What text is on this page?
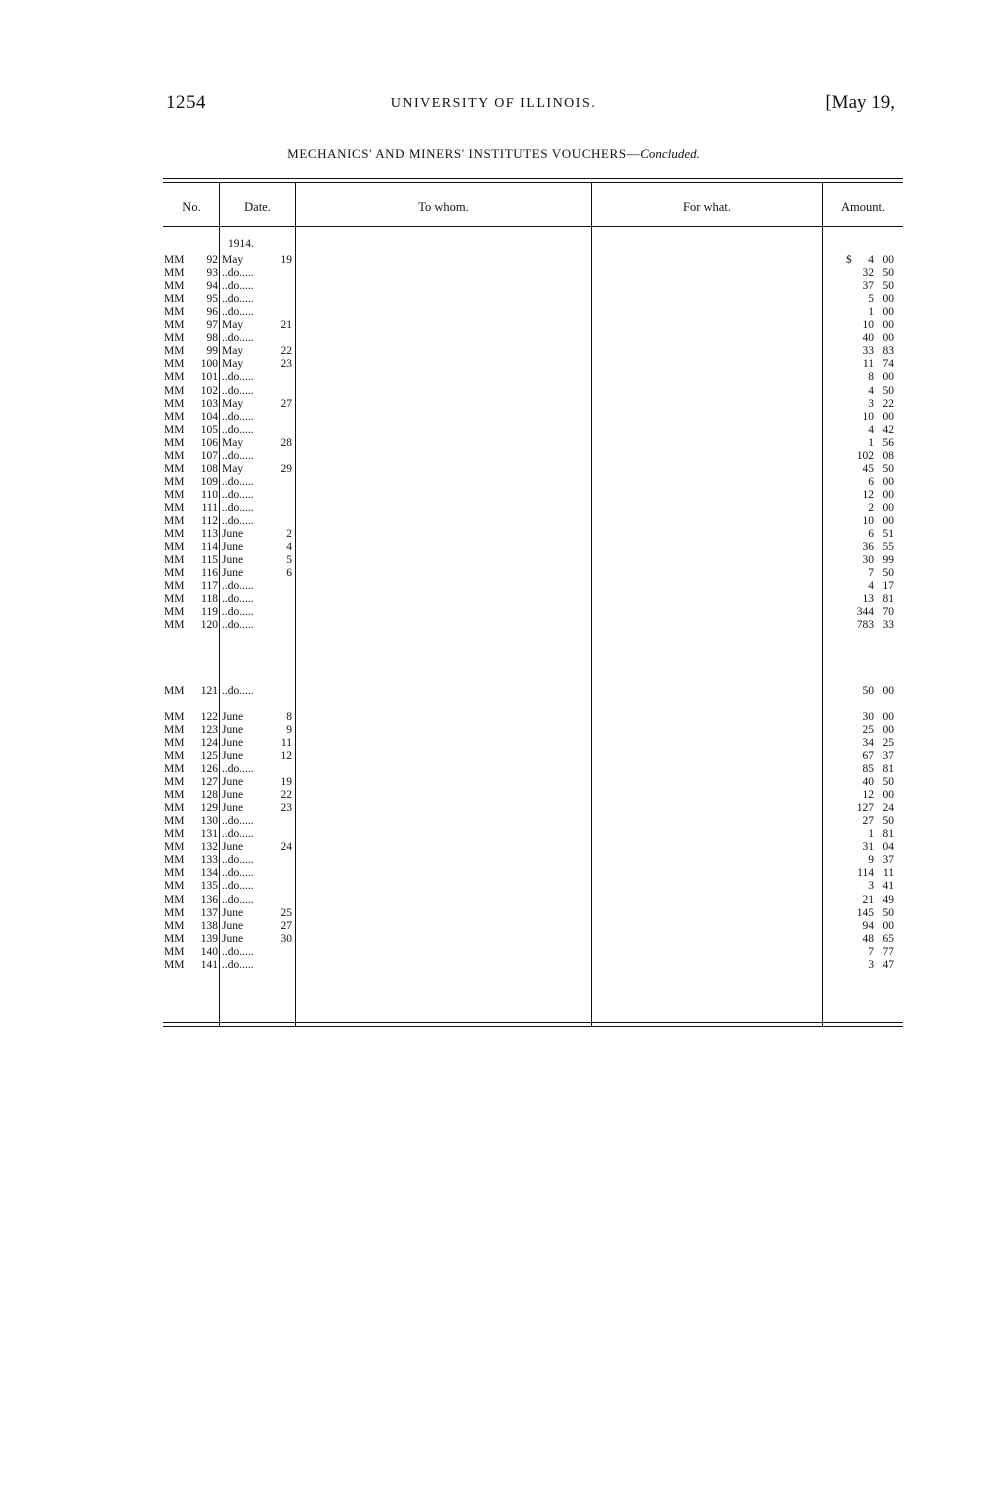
1254	UNIVERSITY OF ILLINOIS.	[May 19,
MECHANICS' AND MINERS' INSTITUTES VOUCHERS—Concluded.
No.	Date.	To whom.	For what.	Amount.
1914.
MM 92 May	19	$ 4 00
MM 93 ..do.....	32 50
MM 94 ..do.....	37 50
MM 95 ..do.....	5 00
MM 96 ..do.....	1 00
MM 97 May	21	10 00
MM 98 ..do.....	40 00
MM 99 May	22	33 83
MM 100 May	23	11 74
MM 101 ..do.....	8 00
MM 102 ..do.....	4 50
MM 103 May	27	3 22
MM 104 ..do.....	10 00
MM 105 ..do.....	4 42
MM 106 May	28	1 56
MM 107 ..do.....	102 08
MM 108 May	29	45 50
MM 109 ..do.....	6 00
MM 110 ..do.....	12 00
MM 111 ..do.....	2 00
MM 112 ..do.....	10 00
MM 113 June	2	6 51
MM 114 June	4	36 55
MM 115 June	5	30 99
MM 116 June	6	7 50
MM 117 ..do.....	4 17
MM 118 ..do.....	13 81
MM 119 ..do.....	344 70
MM 120 ..do.....	783 33
MM 121 ..do.....	50 00
MM 122 June	8	30 00
MM 123 June	9	25 00
MM 124 June	11	34 25
MM 125 June	12	67 37
MM 126 ..do.....	85 81
MM 127 June	19	40 50
MM 128 June	22	12 00
MM 129 June	23	127 24
MM 130 ..do.....	27 50
MM 131 ..do.....	1 81
MM 132 June	24	31 04
MM 133 ..do.....	9 37
MM 134 ..do.....	114 11
MM 135 ..do.....	3 41
MM 136 ..do.....	21 49
MM 137 June	25	145 50
MM 138 June	27	94 00
MM 139 June	30	48 65
MM 140 ..do.....	7 77
MM 141 ..do.....	3 47
